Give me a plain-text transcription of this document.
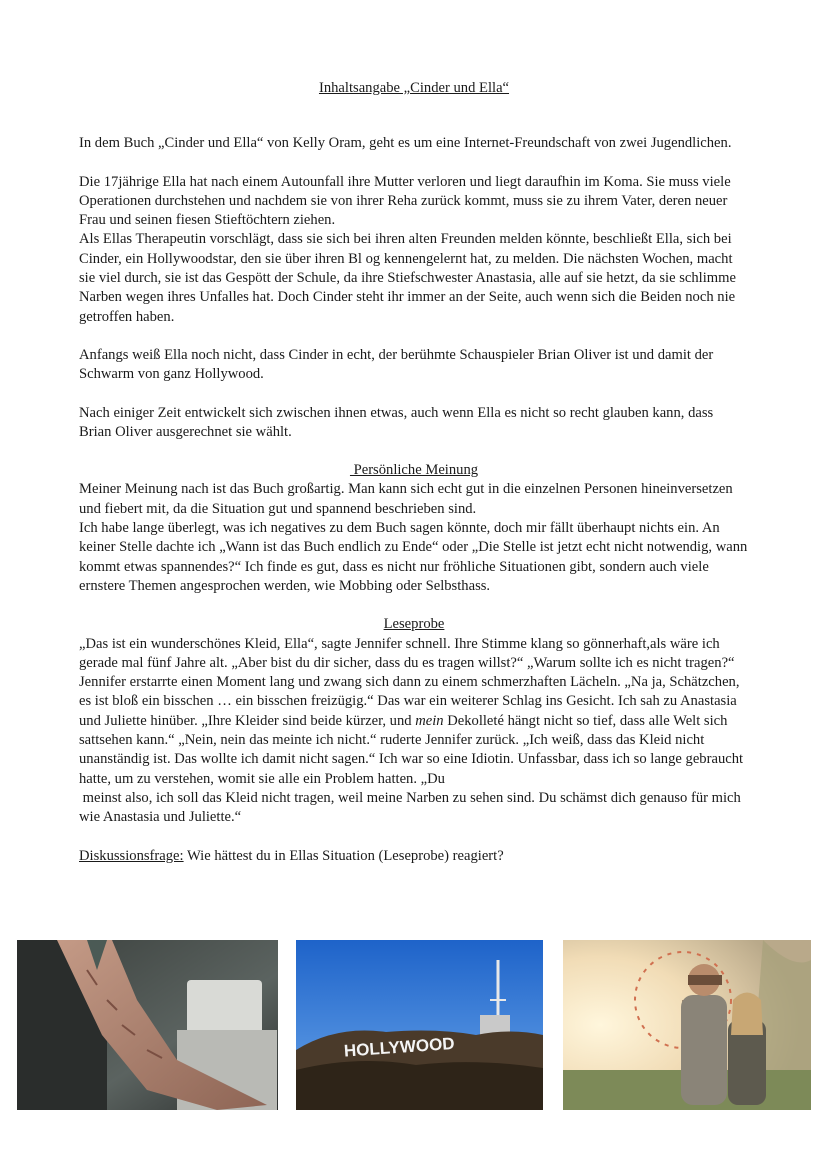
Inhaltsangabe „Cinder und Ella“

In dem Buch „Cinder und Ella“ von Kelly Oram, geht es um eine Internet-Freundschaft von zwei Jugendlichen.

Die 17jährige Ella hat nach einem Autounfall ihre Mutter verloren und liegt daraufhin im Koma. Sie muss viele Operationen durchstehen und nachdem sie von ihrer Reha zurück kommt, muss sie zu ihrem Vater, deren neuer Frau und seinen fiesen Stieftöchtern ziehen.

Als Ellas Therapeutin vorschlägt, dass sie sich bei ihren alten Freunden melden könnte, beschließt Ella, sich bei Cinder, ein Hollywoodstar, den sie über ihren Bl og kennengelernt hat, zu melden. Die nächsten Wochen, macht sie viel durch, sie ist das Gespött der Schule, da ihre Stiefschwester Anastasia, alle auf sie hetzt, da sie schlimme Narben wegen ihres Unfalles hat. Doch Cinder steht ihr immer an der Seite, auch wenn sich die Beiden noch nie getroffen haben.

Anfangs weiß Ella noch nicht, dass Cinder in echt, der berühmte Schauspieler Brian Oliver ist und damit der Schwarm von ganz Hollywood.

Nach einiger Zeit entwickelt sich zwischen ihnen etwas, auch wenn Ella es nicht so recht glauben kann, dass Brian Oliver ausgerechnet sie wählt.

Persönliche Meinung

Meiner Meinung nach ist das Buch großartig. Man kann sich echt gut in die einzelnen Personen hineinversetzen und fiebert mit, da die Situation gut und spannend beschrieben sind.

Ich habe lange überlegt, was ich negatives zu dem Buch sagen könnte, doch mir fällt überhaupt nichts ein. An keiner Stelle dachte ich „Wann ist das Buch endlich zu Ende“ oder „Die Stelle ist jetzt echt nicht notwendig, wann kommt etwas spannendes?“ Ich finde es gut, dass es nicht nur fröhliche Situationen gibt, sondern auch viele ernstere Themen angesprochen werden, wie Mobbing oder Selbsthass.

Leseprobe

„Das ist ein wunderschönes Kleid, Ella“, sagte Jennifer schnell. Ihre Stimme klang so gönnerhaft,als wäre ich gerade mal fünf Jahre alt. „Aber bist du dir sicher, dass du es tragen willst?“ „Warum sollte ich es nicht tragen?“ Jennifer erstarrte einen Moment lang und zwang sich dann zu einem schmerzhaften Lächeln. „Na ja, Schätzchen, es ist bloß ein bisschen … ein bisschen freizügig.“ Das war ein weiterer Schlag ins Gesicht. Ich sah zu Anastasia und Juliette hinüber. „Ihre Kleider sind beide kürzer, und mein Dekolleté hängt nicht so tief, dass alle Welt sich sattsehen kann.“ „Nein, nein das meinte ich nicht.“ ruderte Jennifer zurück. „Ich weiß, dass das Kleid nicht unanständig ist. Das wollte ich damit nicht sagen.“ Ich war so eine Idiotin. Unfassbar, dass ich so lange gebraucht hatte, um zu verstehen, womit sie alle ein Problem hatten. „Du

meinst also, ich soll das Kleid nicht tragen, weil meine Narben zu sehen sind. Du schämst dich genauso für mich wie Anastasia und Juliette.“

Diskussionsfrage: Wie hättest du in Ellas Situation (Leseprobe) reagiert?

HOLLYWOOD
